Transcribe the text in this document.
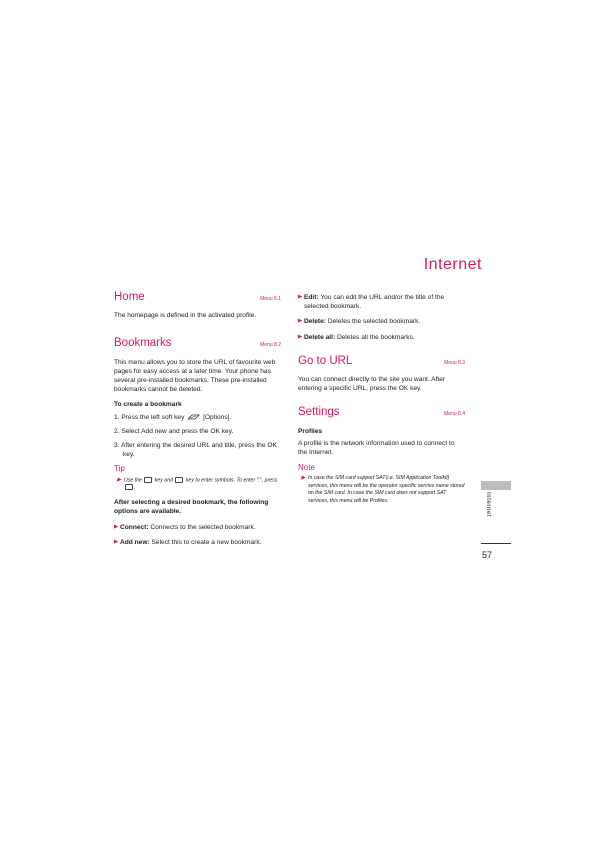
Internet
Home	Menu 8.1

The homepage is defined in the activated profile.

Bookmarks	Menu 8.2

This menu allows you to store the URL of favourite web pages for easy access at a later time. Your phone has several pre-installed bookmarks. These pre-installed bookmarks cannot be deleted.

To create a bookmark

1. Press the left soft key	[Options].
2. Select Add new and press the OK key.
3. After entering the desired URL and title, press the OK key.
Tip
▶ Use the key and key to enter symbols. To enter ".", press .

After selecting a desired bookmark, the following options are available.

▶ Connect: Connects to the selected bookmark.
▶ Add new: Select this to create a new bookmark.
▶ Edit: You can edit the URL and/or the title of the selected bookmark.
▶ Delete: Deletes the selected bookmark.
▶ Delete all: Deletes all the bookmarks.
Go to URL	Menu 8.3

You can connect directly to the site you want. After entering a specific URL, press the OK key.

Settings	Menu 8.4

Profiles

A profile is the network information used to connect to the Internet.

Note
▶ In case the SIM card support SAT(i.e. SIM Application Toolkit) services, this menu will be the operator specific service name stored on the SIM card. In case the SIM card does not support SAT services, this menu will be Profiles.	Internet
57
